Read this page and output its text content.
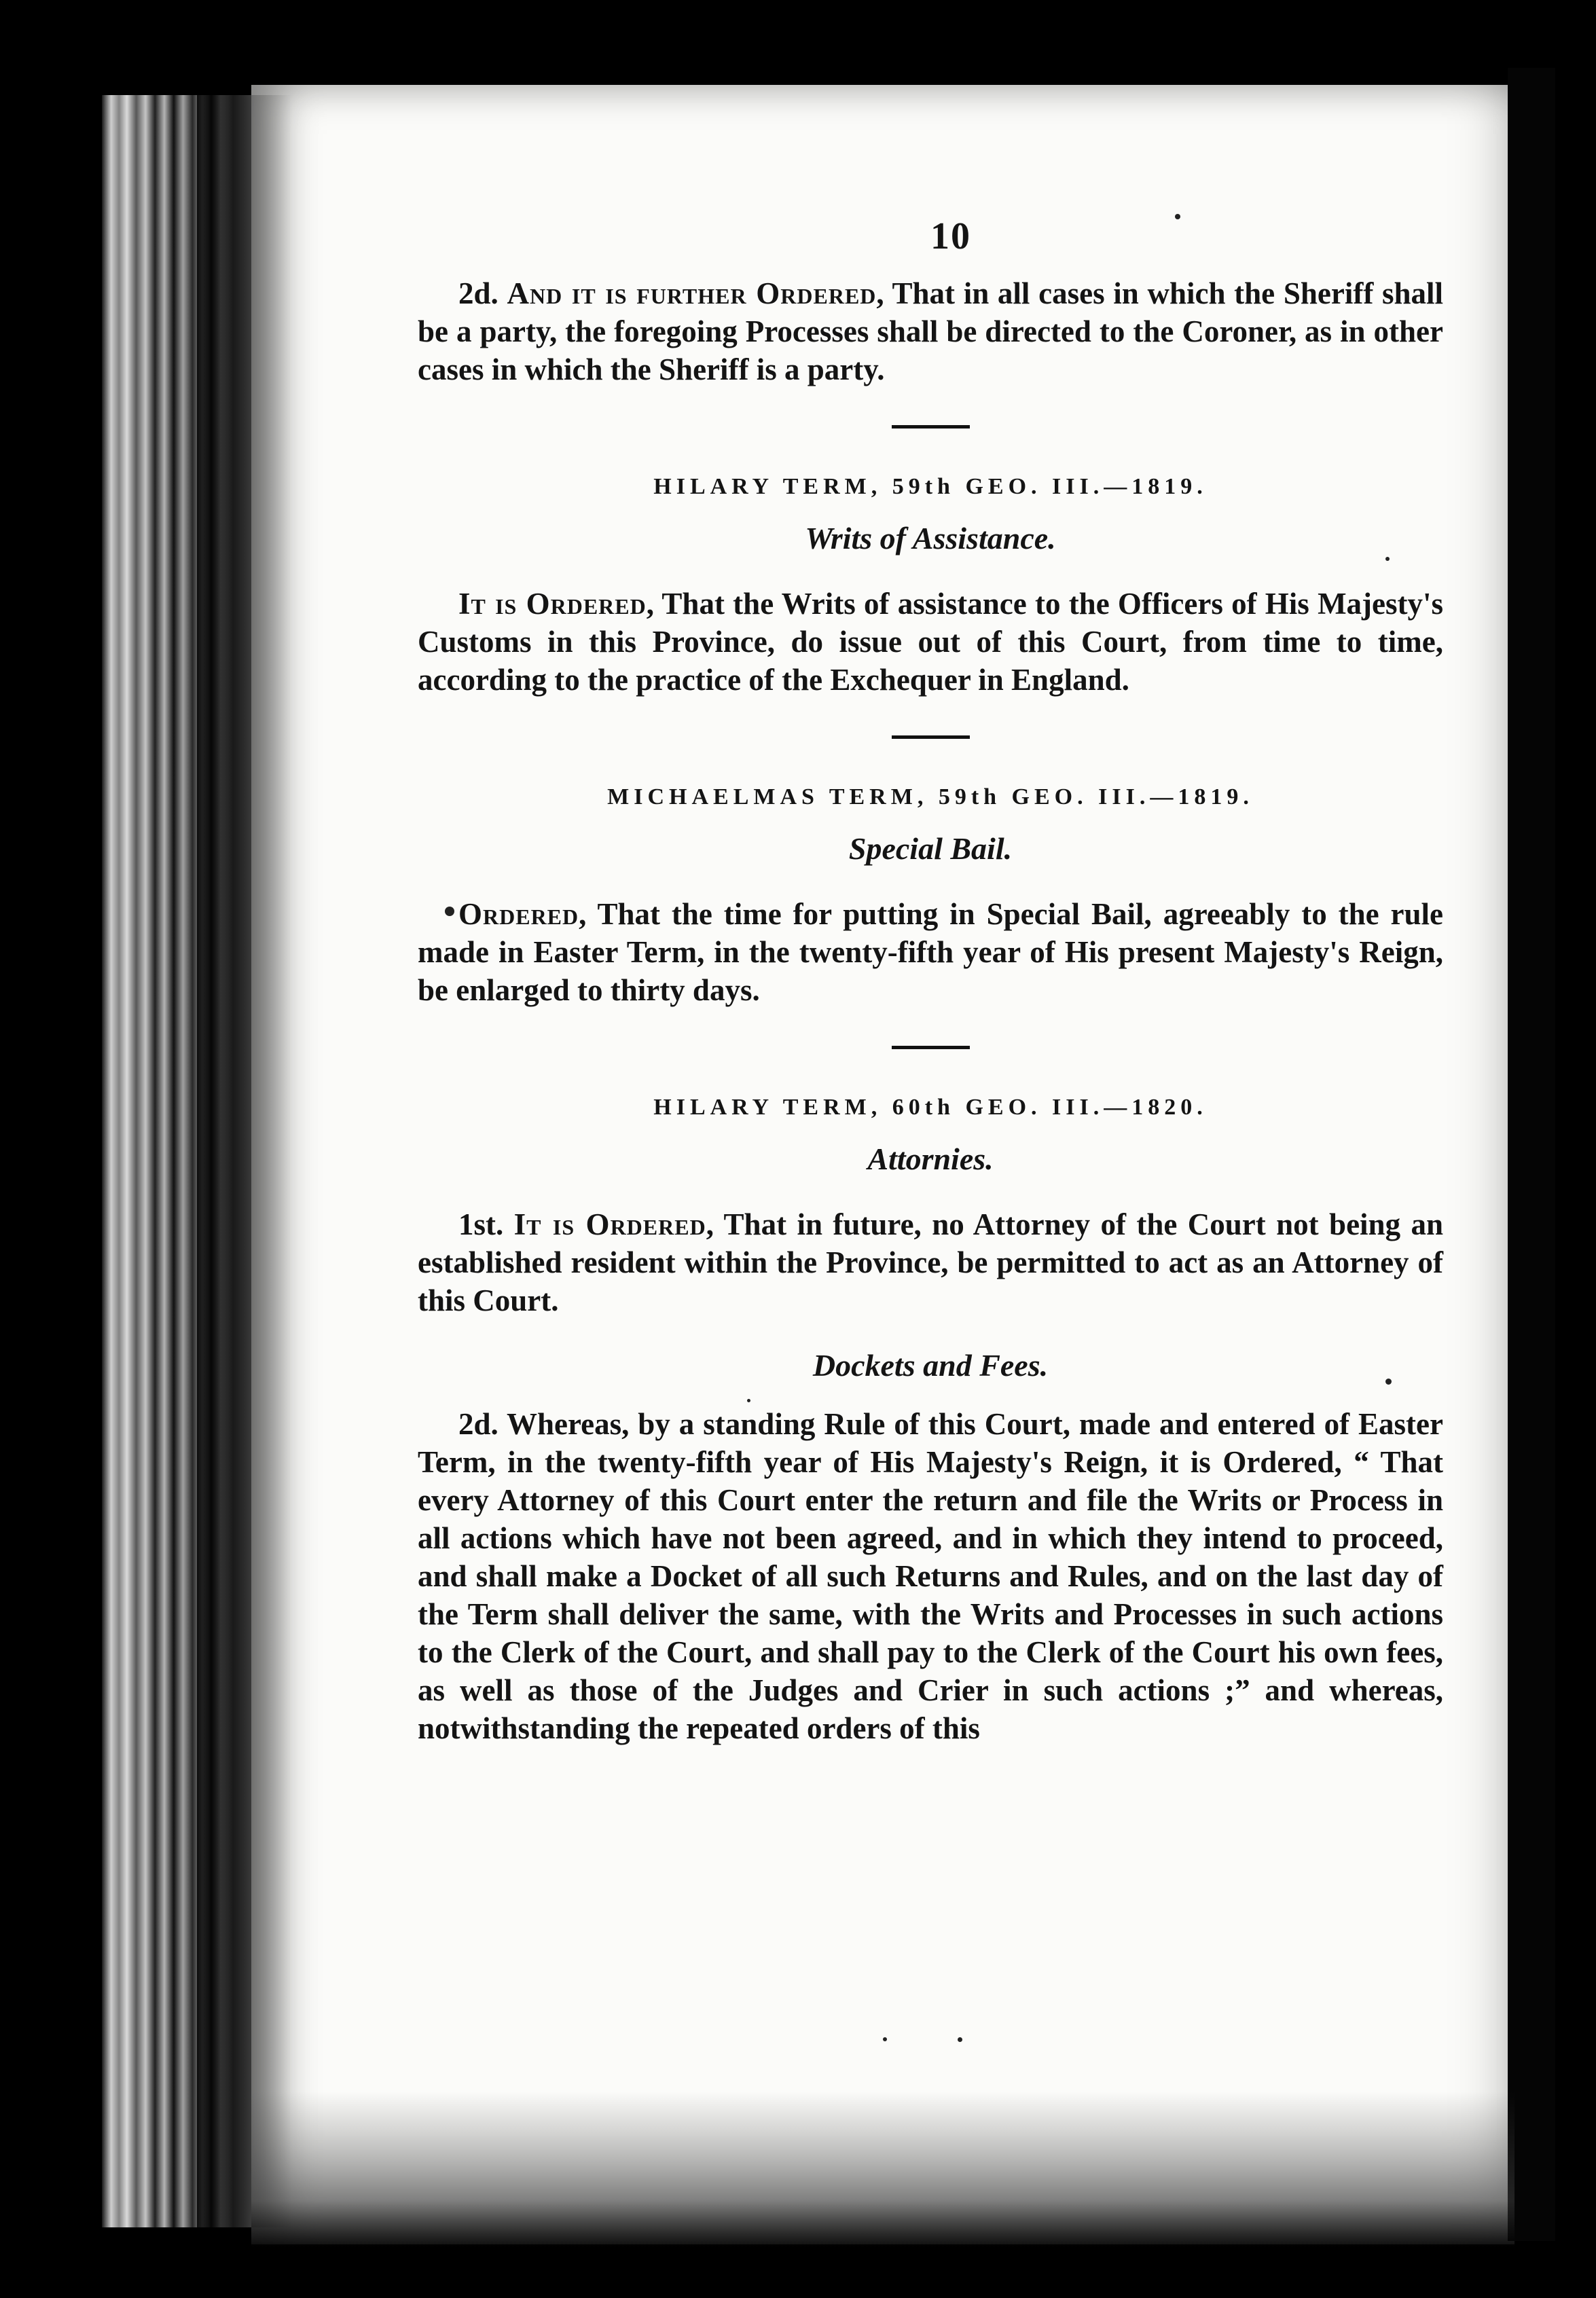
10

2d. And it is further Ordered, That in all cases in which the Sheriff shall be a party, the foregoing Processes shall be directed to the Coroner, as in other cases in which the Sheriff is a party.

HILARY TERM, 59th GEO. III.—1819.
Writs of Assistance.

It is Ordered, That the Writs of assistance to the Officers of His Majesty's Customs in this Province, do issue out of this Court, from time to time, according to the practice of the Exchequer in England.

MICHAELMAS TERM, 59th GEO. III.—1819.
Special Bail.

Ordered, That the time for putting in Special Bail, agreeably to the rule made in Easter Term, in the twenty-fifth year of His present Majesty's Reign, be enlarged to thirty days.

HILARY TERM, 60th GEO. III.—1820.
Attornies.

1st. It is Ordered, That in future, no Attorney of the Court not being an established resident within the Province, be permitted to act as an Attorney of this Court.

Dockets and Fees.

2d. Whereas, by a standing Rule of this Court, made and entered of Easter Term, in the twenty-fifth year of His Majesty's Reign, it is Ordered, “ That every Attorney of this Court enter the return and file the Writs or Process in all actions which have not been agreed, and in which they intend to proceed, and shall make a Docket of all such Returns and Rules, and on the last day of the Term shall deliver the same, with the Writs and Processes in such actions to the Clerk of the Court, and shall pay to the Clerk of the Court his own fees, as well as those of the Judges and Crier in such actions ;” and whereas, notwithstanding the repeated orders of this
